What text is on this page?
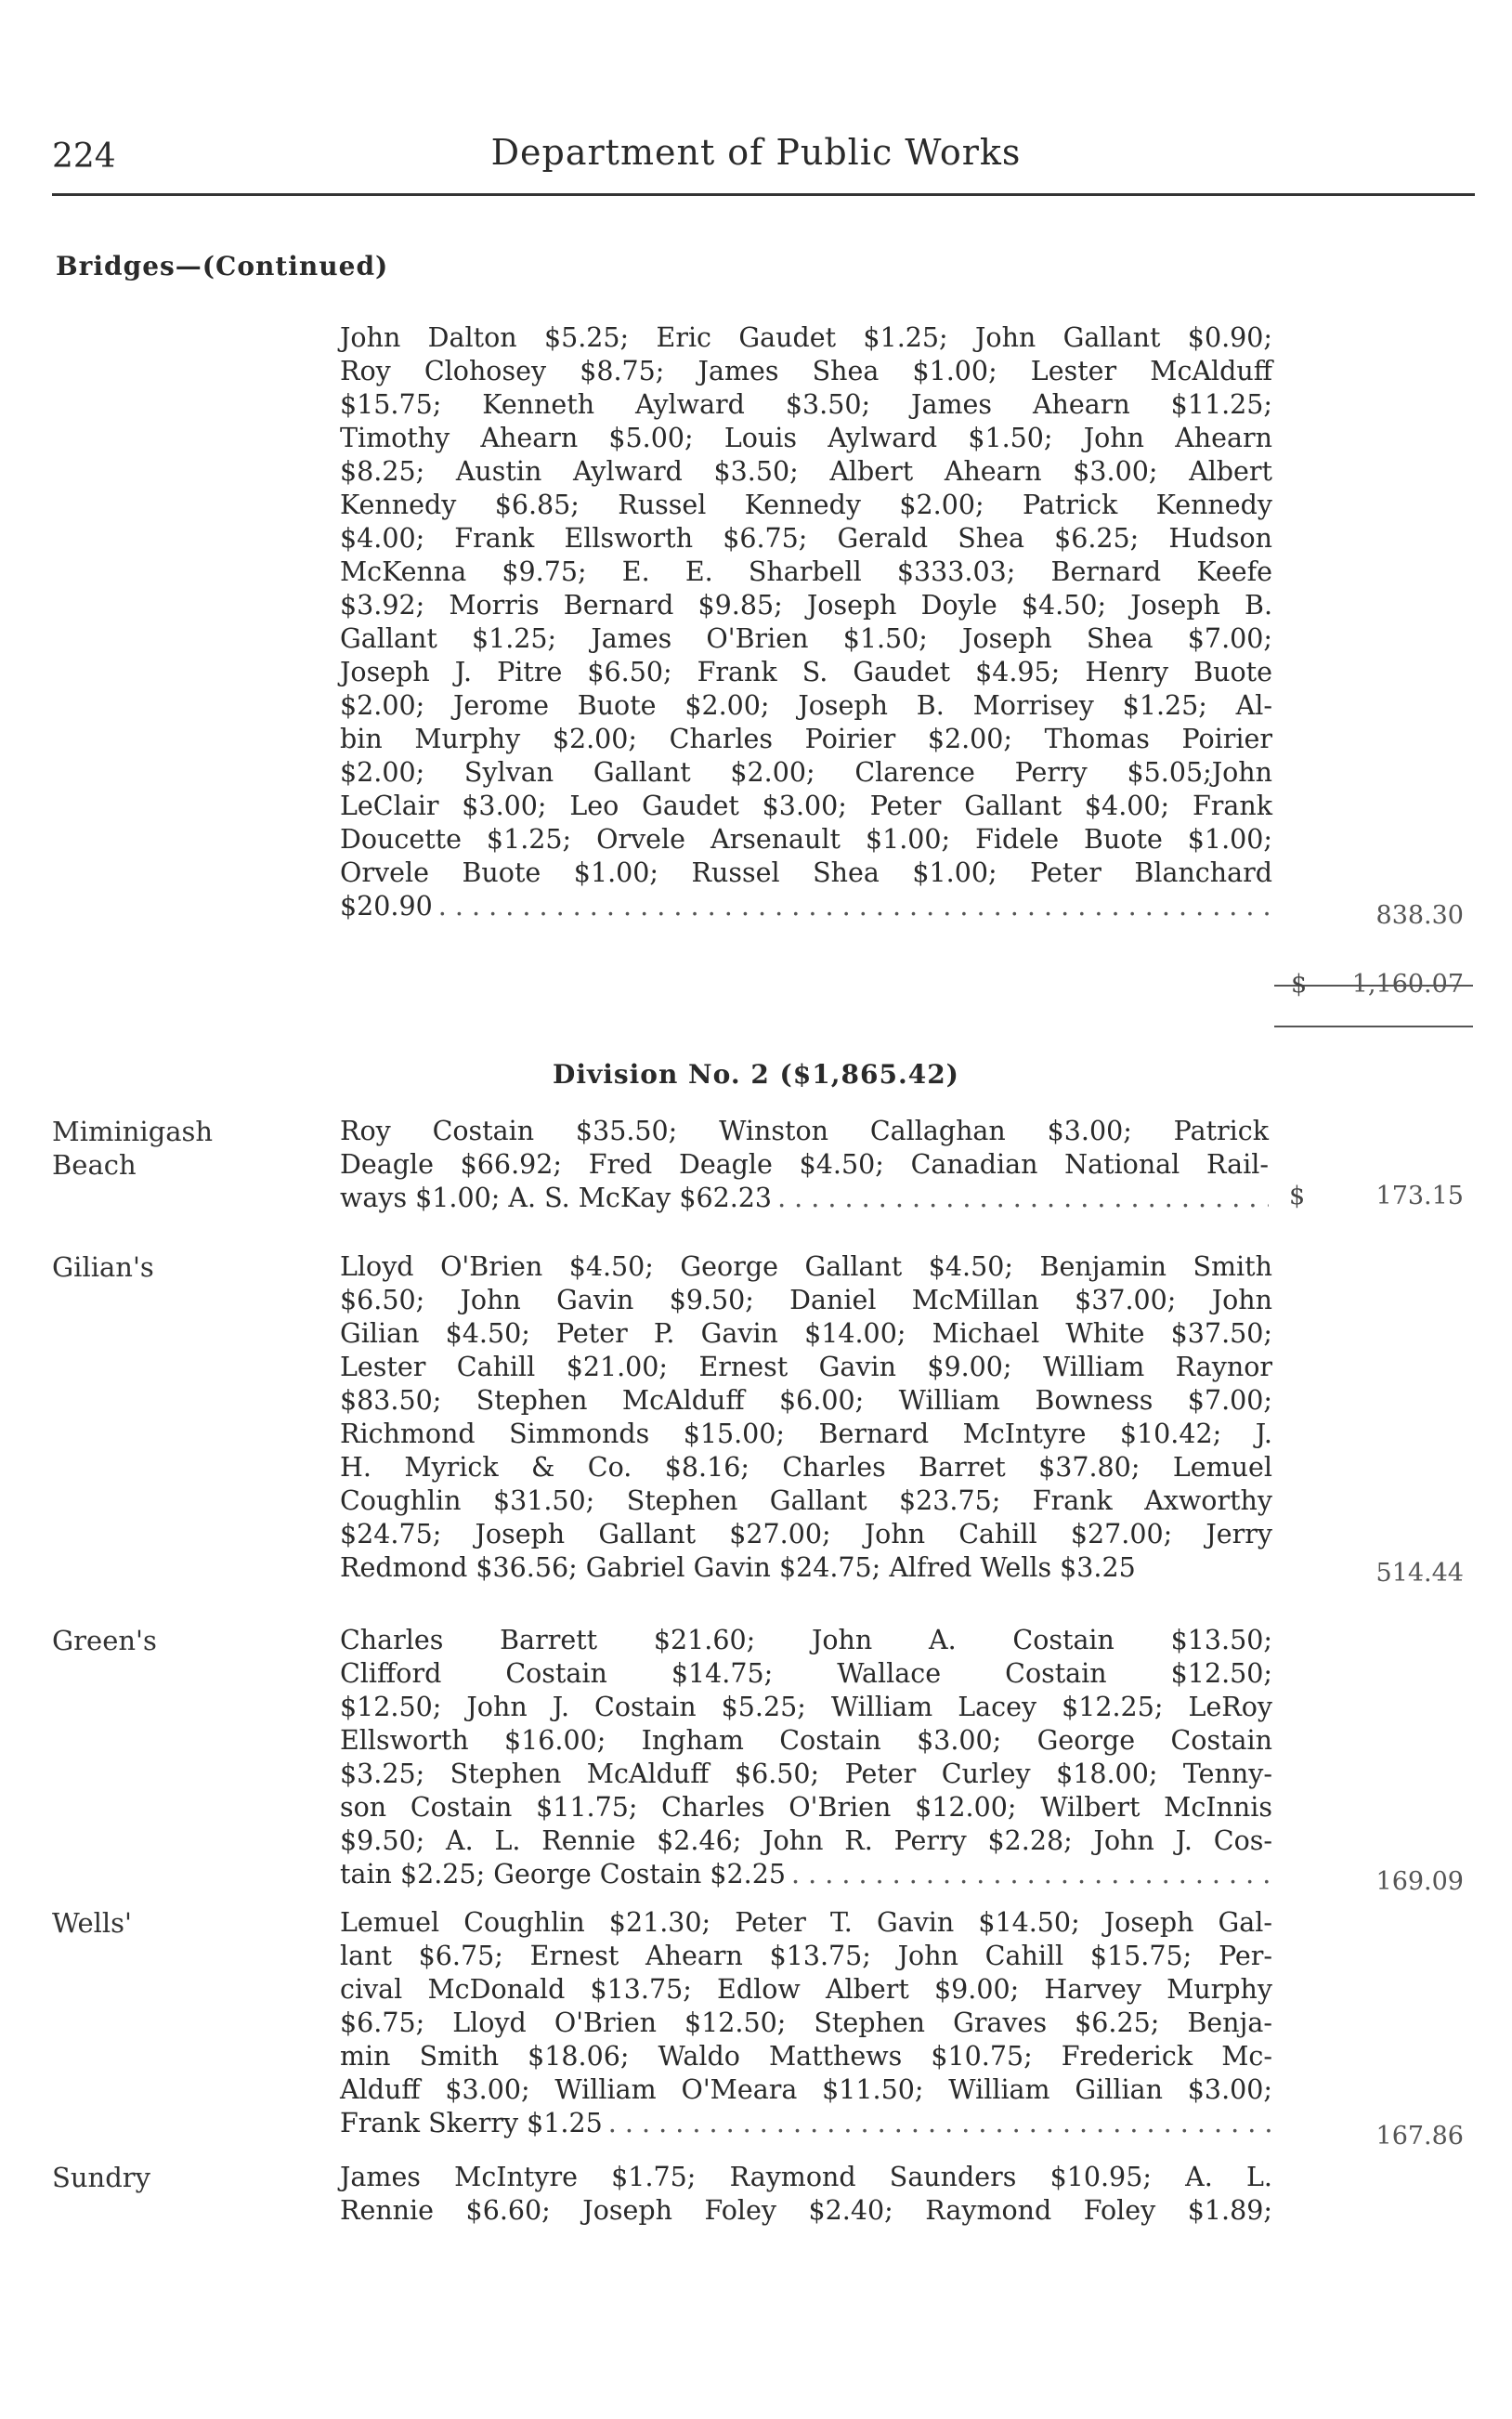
224	Department of Public Works
Bridges—(Continued)
John Dalton $5.25; Eric Gaudet $1.25; John Gallant $0.90;
Roy Clohosey $8.75; James Shea $1.00; Lester McAlduff
$15.75; Kenneth Aylward $3.50; James Ahearn $11.25;
Timothy Ahearn $5.00; Louis Aylward $1.50; John Ahearn
$8.25; Austin Aylward $3.50; Albert Ahearn $3.00; Albert
Kennedy $6.85; Russel Kennedy $2.00; Patrick Kennedy
$4.00; Frank Ellsworth $6.75; Gerald Shea $6.25; Hudson
McKenna $9.75; E. E. Sharbell $333.03; Bernard Keefe
$3.92; Morris Bernard $9.85; Joseph Doyle $4.50; Joseph B.
Gallant $1.25; James O'Brien $1.50; Joseph Shea $7.00;
Joseph J. Pitre $6.50; Frank S. Gaudet $4.95; Henry Buote
$2.00; Jerome Buote $2.00; Joseph B. Morrisey $1.25; Al-
bin Murphy $2.00; Charles Poirier $2.00; Thomas Poirier
$2.00; Sylvan Gallant $2.00; Clarence Perry $5.05;John
LeClair $3.00; Leo Gaudet $3.00; Peter Gallant $4.00; Frank
Doucette $1.25; Orvele Arsenault $1.00; Fidele Buote $1.00;
Orvele Buote $1.00; Russel Shea $1.00; Peter Blanchard
$20.90 . . .	838.30
$ 1,160.07
Division No. 2 ($1,865.42)
Miminigash
Beach
Roy Costain $35.50; Winston Callaghan $3.00; Patrick
Deagle $66.92; Fred Deagle $4.50; Canadian National Rail-
ways $1.00; A. S. McKay $62.23 . . .	$	173.15
Gilian's	Lloyd O'Brien $4.50; George Gallant $4.50; Benjamin Smith
$6.50; John Gavin $9.50; Daniel McMillan $37.00; John
Gilian $4.50; Peter P. Gavin $14.00; Michael White $37.50;
Lester Cahill $21.00; Ernest Gavin $9.00; William Raynor
$83.50; Stephen McAlduff $6.00; William Bowness $7.00;
Richmond Simmonds $15.00; Bernard McIntyre $10.42; J.
H. Myrick & Co. $8.16; Charles Barret $37.80; Lemuel
Coughlin $31.50; Stephen Gallant $23.75; Frank Axworthy
$24.75; Joseph Gallant $27.00; John Cahill $27.00; Jerry
Redmond $36.56; Gabriel Gavin $24.75; Alfred Wells $3.25	514.44
Green's	Charles Barrett $21.60; John A. Costain $13.50;
Clifford Costain $14.75; Wallace Costain $12.50;
$12.50; John J. Costain $5.25; William Lacey $12.25; LeRoy
Ellsworth $16.00; Ingham Costain $3.00; George Costain
$3.25; Stephen McAlduff $6.50; Peter Curley $18.00; Tenny-
son Costain $11.75; Charles O'Brien $12.00; Wilbert McInnis
$9.50; A. L. Rennie $2.46; John R. Perry $2.28; John J. Cos-
tain $2.25; George Costain $2.25 . . .	169.09
Wells'	Lemuel Coughlin $21.30; Peter T. Gavin $14.50; Joseph Gal-
lant $6.75; Ernest Ahearn $13.75; John Cahill $15.75; Per-
cival McDonald $13.75; Edlow Albert $9.00; Harvey Murphy
$6.75; Lloyd O'Brien $12.50; Stephen Graves $6.25; Benja-
min Smith $18.06; Waldo Matthews $10.75; Frederick Mc-
Alduff $3.00; William O'Meara $11.50; William Gillian $3.00;
Frank Skerry $1.25 . . .	167.86
Sundry	James McIntyre $1.75; Raymond Saunders $10.95; A. L.
Rennie $6.60; Joseph Foley $2.40; Raymond Foley $1.89;
